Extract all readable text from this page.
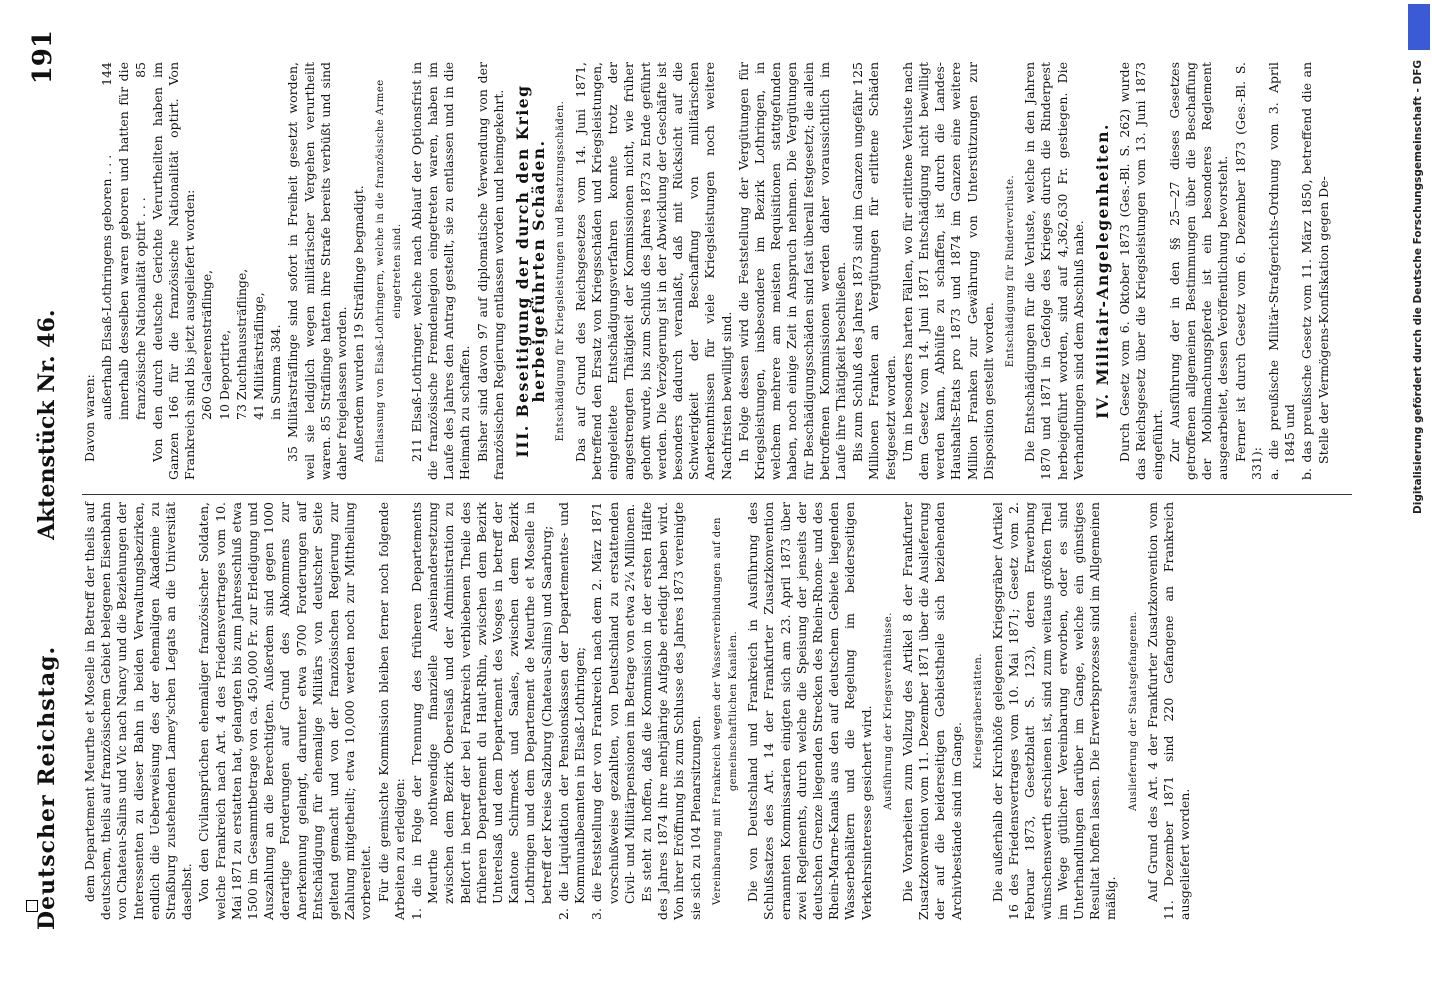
Deutscher Reichstag.
Aktenstück Nr. 46.
191

dem Departement Meurthe et Moselle in Betreff der theils auf deutschem, theils auf französischem Gebiet belegenen Eisenbahn von Chateau-Salins und Vic nach Nancy und die Beziehungen der Interessenten zu dieser Bahn in beiden Verwaltungsbezirken, endlich die Ueberweisung des der ehemaligen Akademie zu Straßburg zustehenden Lamey'schen Legats an die Universität daselbst. Von den Civilansprüchen ehemaliger französischer Soldaten, welche Frankreich nach Art. 4 des Friedensvertrages vom 10. Mai 1871 zu erstatten hat, gelangten bis zum Jahresschluß etwa 1500 im Gesammtbetrage von ca. 450,000 Fr. zur Erledigung und Auszahlung an die Berechtigten. Außerdem sind gegen 1000 derartige Forderungen auf Grund des Abkommens zur Anerkennung gelangt, darunter etwa 9700 Forderungen auf Entschädigung für ehemalige Militärs von deutscher Seite geltend gemacht und von der französischen Regierung zur Zahlung mitgetheilt; etwa 10,000 werden noch zur Mittheilung vorbereitet. Für die gemischte Kommission bleiben ferner noch folgende Arbeiten zu erledigen: 1. die in Folge der Trennung des früheren Departements Meurthe nothwendige finanzielle Auseinandersetzung zwischen dem Bezirk Oberelsaß und der Administration zu Belfort in betreff der bei Frankreich verbliebenen Theile des früheren Departement du Haut-Rhin, zwischen dem Bezirk Unterelsaß und dem Departement des Vosges in betreff der Kantone Schirmeck und Saales, zwischen dem Bezirk Lothringen und dem Departement de Meurthe et Moselle in betreff der Kreise Salzburg (Chateau-Salins) und Saarburg; 2. die Liquidation der Pensionskassen der Departementes- und Kommunalbeamten in Elsaß-Lothringen; 3. die Feststellung der von Frankreich nach dem 2. März 1871 vorschußweise gezahlten, von Deutschland zu erstattenden Civil- und Militärpensionen im Betrage von etwa 2¼ Millionen. Es steht zu hoffen, daß die Kommission in der ersten Hälfte des Jahres 1874 ihre mehrjährige Aufgabe erledigt haben wird. Von ihrer Eröffnung bis zum Schlusse des Jahres 1873 vereinigte sie sich zu 104 Plenarsitzungen. Vereinbarung mit Frankreich wegen der Wasserverbindungen auf den gemeinschaftlichen Kanälen. Die von Deutschland und Frankreich in Ausführung des Schlußsatzes des Art. 14 der Frankfurter Zusatzkonvention ernannten Kommissarien einigten sich am 23. April 1873 über zwei Reglements, durch welche die Speisung der jenseits der deutschen Grenze liegenden Strecken des Rhein-Rhone- und des Rhein-Marne-Kanals aus den auf deutschem Gebiete liegenden Wasserbehältern und die Regelung im beiderseitigen Verkehrsinteresse gesichert wird. Ausführung der Kriegsverhältnisse. Die Vorarbeiten zum Vollzug des Artikel 8 der Frankfurter Zusatzkonvention vom 11. Dezember 1871 über die Auslieferung der auf die beiderseitigen Gebietstheile sich beziehenden Archivbestände sind im Gange.

Kriegsgräberstätten. Die außerhalb der Kirchhöfe gelegenen Kriegsgräber (Artikel 16 des Friedensvertrages vom 10. Mai 1871; Gesetz vom 2. Februar 1873, Gesetzblatt S. 123), deren Erwerbung wünschenswerth erschienen ist, sind zum weitaus größten Theil im Wege gütlicher Vereinbarung erworben, oder es sind Unterhandlungen darüber im Gange, welche ein günstiges Resultat hoffen lassen. Die Erwerbsprozesse sind im Allgemeinen mäßig.

Auslieferung der Staatsgefangenen. Auf Grund des Art. 4 der Frankfurter Zusatzkonvention vom 11. Dezember 1871 sind 220 Gefangene an Frankreich ausgeliefert worden.

Davon waren: außerhalb Elsaß-Lothringens geboren . . .
144 innerhalb desselben waren geboren und hatten für die französische Nationalität optirt . . .
85 Von den durch deutsche Gerichte Verurtheilten haben im Ganzen 166 für die französische Nationalität optirt. Von Frankreich sind bis jetzt ausgeliefert worden: 260 Galeerensträflinge, 10 Deportirte, 73 Zuchthaussträflinge, 41 Militärsträflinge, in Summa 384. 35 Militärsträflinge sind sofort in Freiheit gesetzt worden, weil sie lediglich wegen militärischer Vergehen verurtheilt waren. 85 Sträflinge hatten ihre Strafe bereits verbüßt und sind daher freigelassen worden. Außerdem wurden 19 Sträflinge begnadigt. Entlassung von Elsaß-Lothringern, welche in die französische Armee eingetreten sind. 211 Elsaß-Lothringer, welche nach Ablauf der Optionsfrist in die französische Fremdenlegion eingetreten waren, haben im Laufe des Jahres den Antrag gestellt, sie zu entlassen und in die Heimath zu schaffen. Bisher sind davon 97 auf diplomatische Verwendung von der französischen Regierung entlassen worden und heimgekehrt. III. Beseitigung der durch den Krieg herbeigeführten Schäden. Entschädigung für Kriegsleistungen und Besatzungsschäden. Das auf Grund des Reichsgesetzes vom 14. Juni 1871, betreffend den Ersatz von Kriegsschäden und Kriegsleistungen, eingeleitete Entschädigungsverfahren konnte trotz der angestrengten Thätigkeit der Kommissionen nicht, wie früher gehofft wurde, bis zum Schluß des Jahres 1873 zu Ende geführt werden. Die Verzögerung ist in der Abwicklung der Geschäfte ist besonders dadurch veranlaßt, daß mit Rücksicht auf die Schwierigkeit der Beschaffung von militärischen Anerkenntnissen für viele Kriegsleistungen noch weitere Nachfristen bewilligt sind. In Folge dessen wird die Feststellung der Vergütungen für Kriegsleistungen, insbesondere im Bezirk Lothringen, in welchem mehrere am meisten Requisitionen stattgefunden haben, noch einige Zeit in Anspruch nehmen. Die Vergütungen für Beschädigungsschäden sind fast überall festgesetzt; die allein betroffenen Kommissionen werden daher voraussichtlich im Laufe ihre Thätigkeit beschließen. Bis zum Schluß des Jahres 1873 sind im Ganzen ungefähr 125 Millionen Franken an Vergütungen für erlittene Schäden festgesetzt worden. Um in besonders harten Fällen, wo für erlittene Verluste nach dem Gesetz vom 14. Juni 1871 Entschädigung nicht bewilligt werden kann, Abhülfe zu schaffen, ist durch die Landes-Haushalts-Etats pro 1873 und 1874 im Ganzen eine weitere Million Franken zur Gewährung von Unterstützungen zur Disposition gestellt worden.

Entschädigung für Rinderverluste. Die Entschädigungen für die Verluste, welche in den Jahren 1870 und 1871 in Gefolge des Krieges durch die Rinderpest herbeigeführt worden, sind auf 4,362,630 Fr. gestiegen. Die Verhandlungen sind dem Abschluß nahe. IV. Militair-Angelegenheiten. Durch Gesetz vom 6. Oktober 1873 (Ges.-Bl. S. 262) wurde das Reichsgesetz über die Kriegsleistungen vom 13. Juni 1873 eingeführt. Zur Ausführung der in den §§ 25—27 dieses Gesetzes getroffenen allgemeinen Bestimmungen über die Beschaffung der Mobilmachungspferde ist ein besonderes Reglement ausgearbeitet, dessen Veröffentlichung bevorsteht. Ferner ist durch Gesetz vom 6. Dezember 1873 (Ges.-Bl. S. 331): a. die preußische Militär-Strafgerichts-Ordnung vom 3. April 1845 und b. das preußische Gesetz vom 11. März 1850, betreffend die an Stelle der Vermögens-Konfiskation gegen De-	Digitalisierung gefördert durch die Deutsche Forschungsgemeinschaft - DFG
